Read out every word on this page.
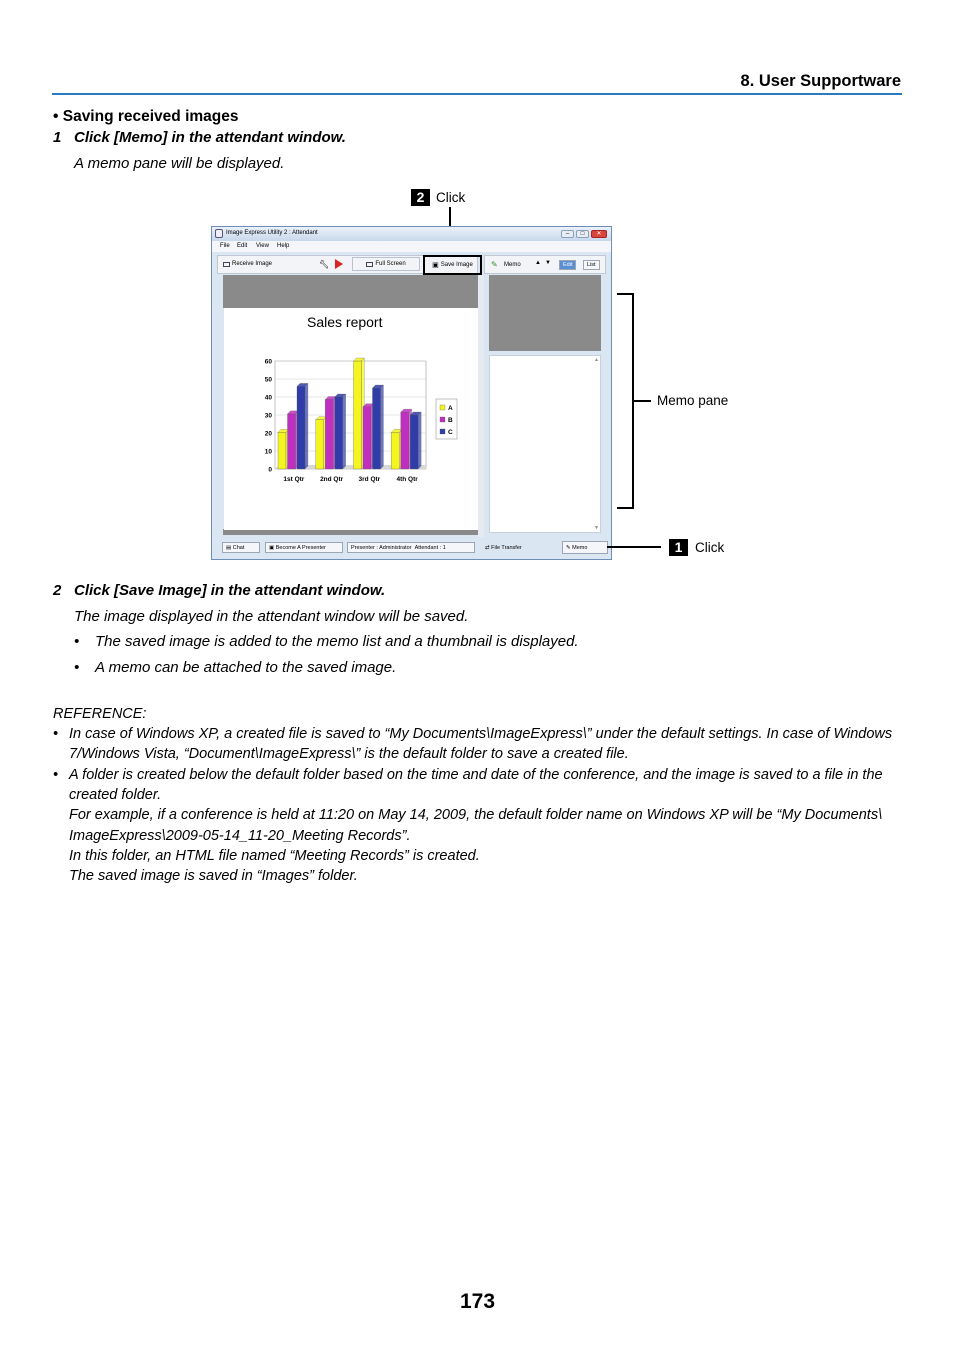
8. User Supportware
• Saving received images
1 Click [Memo] in the attendant window.
A memo pane will be displayed.
2 Click
Image Express Utility 2 : Attendant	–	□	✕
File Edit View Help
Receive Image	🔧︎	Full Screen	▣ Save Image
Sales report
0
10
20
30
40
50
60
1st Qtr 2nd Qtr 3rd Qtr	4th Qtr
A
B
C
✎ Memo ▲ ▼	Edit	List
▲
▼
▤
Chat	▣
Become A Presenter	Presenter : Administrator
Attendant : 1	⇄
File Transfer	✎
Memo
Memo pane
1 Click
2 Click [Save Image] in the attendant window.
The image displayed in the attendant window will be saved.
• The saved image is added to the memo list and a thumbnail is displayed.
• A memo can be attached to the saved image.
REFERENCE:
• In case of Windows XP, a created file is saved to “My Documents\ImageExpress\” under the default settings. In case of Windows
7/Windows Vista, “Document\ImageExpress\” is the default folder to save a created file.
• A folder is created below the default folder based on the time and date of the conference, and the image is saved to a file in the
created folder.
For example, if a conference is held at 11:20 on May 14, 2009, the default folder name on Windows XP will be “My Documents\
ImageExpress\2009-05-14_11-20_Meeting Records”.
In this folder, an HTML file named “Meeting Records” is created.
The saved image is saved in “Images” folder.
173
